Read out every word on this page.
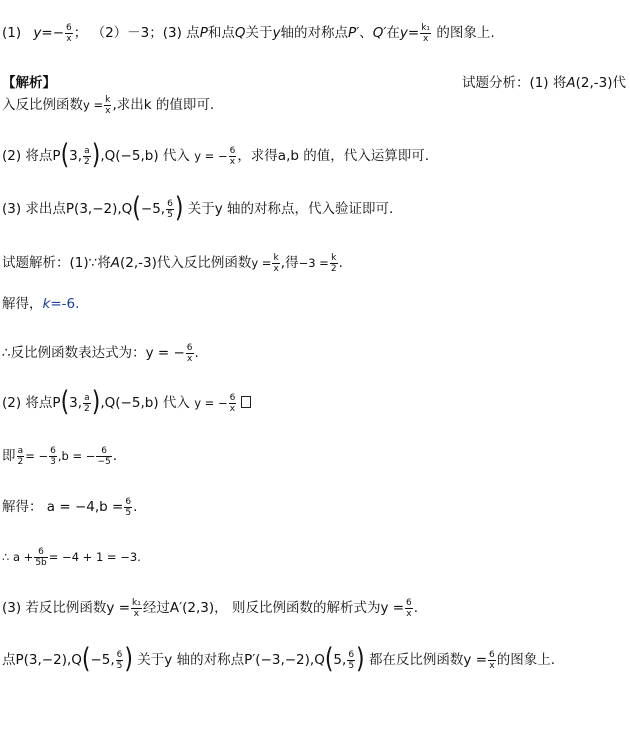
(1) $y=- \frac{6}{x}$ ； （2）－3；(3) 点P和点Q关于y轴的对称点P′、Q′在$y= \frac{\text{k₁}}{x}$ 的图象上.
【解析】	试题分析：(1) 将A(2,-3)代
入反比例函数$y = \frac{k}{x}$ ,求出k 的值即可.
(2) 将点P(3, $\frac{a}{2} ),Q(-5,b)$ 代入 y = − $\frac{6}{x}$ ，求得a,b 的值，代入运算即可.
(3) 求出点P(3,−2),Q(−5, $\frac{6}{5}$ ) 关于y 轴的对称点，代入验证即可.
试题解析：(1)∵将A(2,-3)代入反比例函数$y = \frac{k}{x}$ ,得$-3 = \frac{k}{2}$ .
解得，k=-6.
∴反比例函数表达式为：y = − $\frac{6}{x}$ .
(2) 将点P(3, $\frac{a}{2} ),Q(-5,b)$ 代入 y = − $\frac{6}{x}$
即 $\frac{a}{2}$ = − $\frac{6}{3} ,b$ = − $\frac{6}{-5}$ .
解得： $a = -4,b = \frac{6}{5}$ .
∴ $a + \frac{6}{5b} = -4 + 1 = -3$.
(3) 若反比例函数$y = \frac{\text{k₁}}{x}$ 经过A′(2,3)， 则反比例函数的解析式为$y = \frac{6}{x}$ .
点P(3,−2),Q(−5, $\frac{6}{5}$ ) 关于y 轴的对称点P′(−3,−2),Q(5, $\frac{6}{5}$ ) 都在反比例函数$y = \frac{6}{x}$ 的图象上.
